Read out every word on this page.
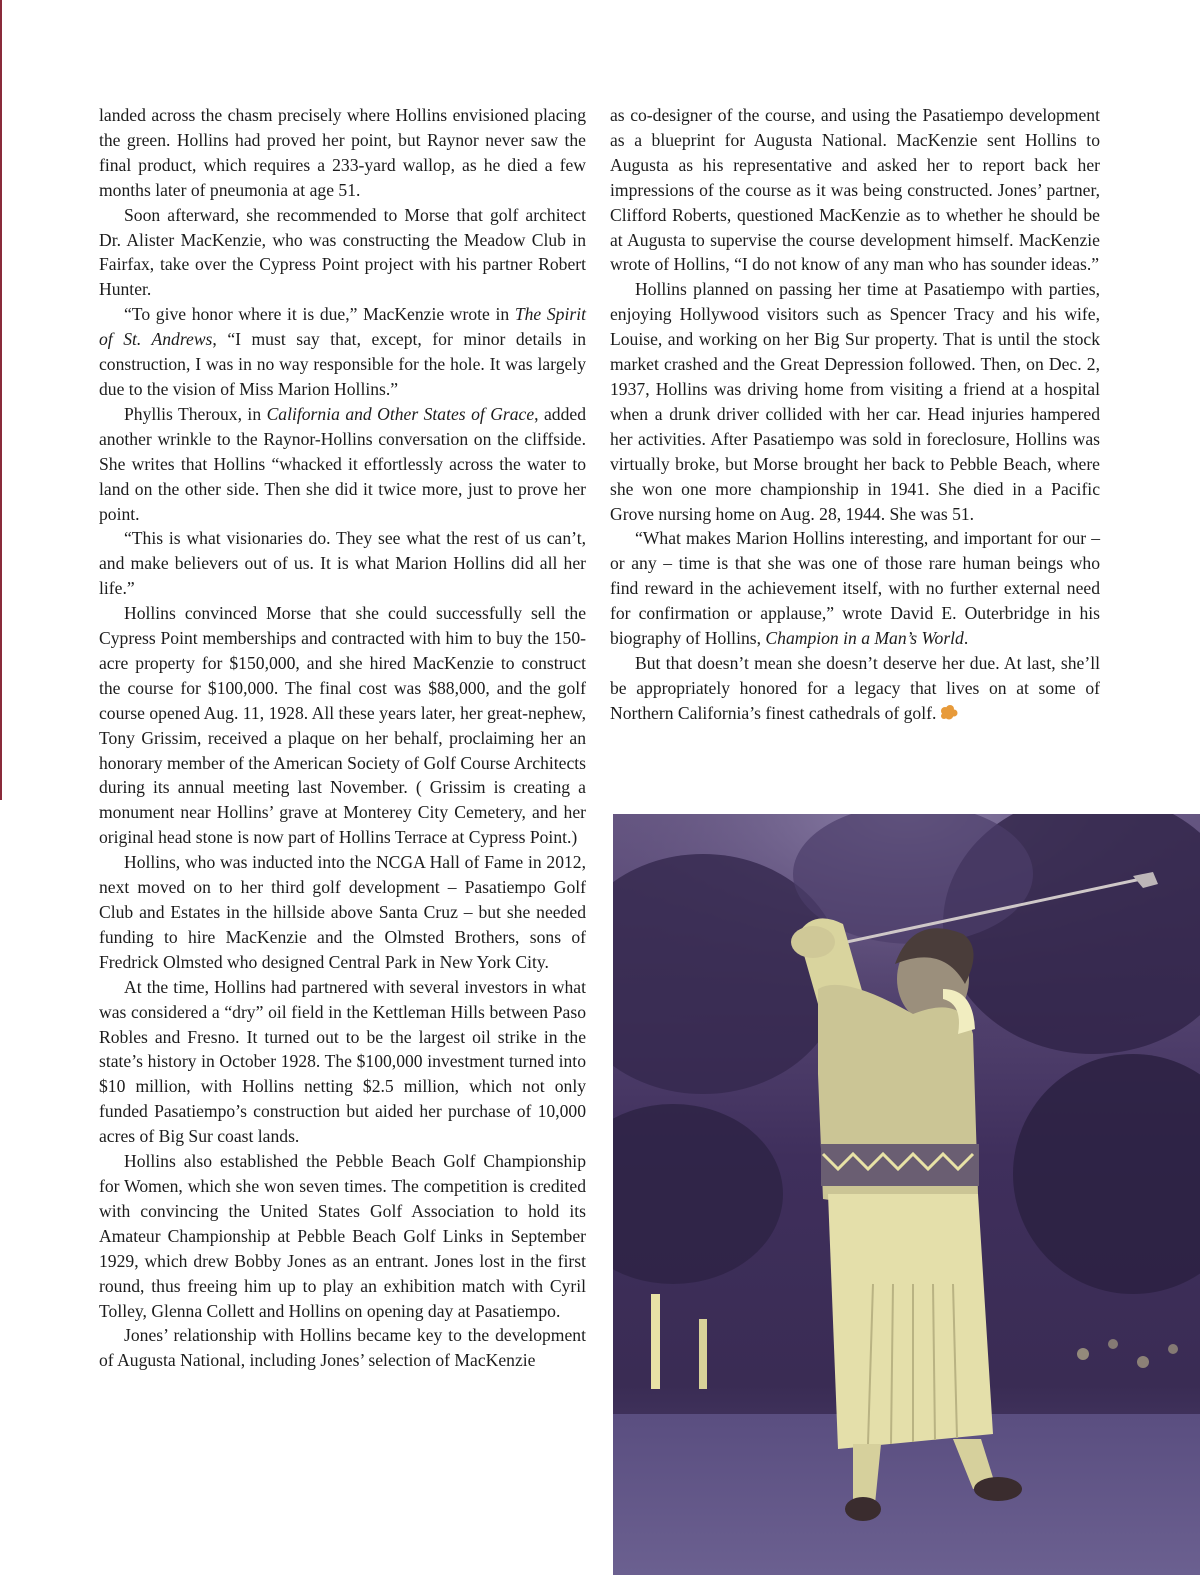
landed across the chasm precisely where Hollins envisioned placing the green. Hollins had proved her point, but Raynor never saw the final product, which requires a 233-yard wallop, as he died a few months later of pneumonia at age 51.

Soon afterward, she recommended to Morse that golf architect Dr. Alister MacKenzie, who was constructing the Meadow Club in Fairfax, take over the Cypress Point project with his partner Robert Hunter.

“To give honor where it is due,” MacKenzie wrote in The Spirit of St. Andrews, “I must say that, except, for minor details in construction, I was in no way responsible for the hole. It was largely due to the vision of Miss Marion Hollins.”

Phyllis Theroux, in California and Other States of Grace, added another wrinkle to the Raynor-Hollins conversation on the cliffside. She writes that Hollins “whacked it effortlessly across the water to land on the other side. Then she did it twice more, just to prove her point.

“This is what visionaries do. They see what the rest of us can’t, and make believers out of us. It is what Marion Hollins did all her life.”

Hollins convinced Morse that she could successfully sell the Cypress Point memberships and contracted with him to buy the 150-acre property for $150,000, and she hired MacKenzie to construct the course for $100,000. The final cost was $88,000, and the golf course opened Aug. 11, 1928. All these years later, her great-nephew, Tony Grissim, received a plaque on her behalf, proclaiming her an honorary member of the American Society of Golf Course Architects during its annual meeting last November. ( Grissim is creating a monument near Hollins’ grave at Monterey City Cemetery, and her original head stone is now part of Hollins Terrace at Cypress Point.)

Hollins, who was inducted into the NCGA Hall of Fame in 2012, next moved on to her third golf development – Pasatiempo Golf Club and Estates in the hillside above Santa Cruz – but she needed funding to hire MacKenzie and the Olmsted Brothers, sons of Fredrick Olmsted who designed Central Park in New York City.

At the time, Hollins had partnered with several investors in what was considered a “dry” oil field in the Kettleman Hills between Paso Robles and Fresno. It turned out to be the largest oil strike in the state’s history in October 1928. The $100,000 investment turned into $10 million, with Hollins netting $2.5 million, which not only funded Pasatiempo’s construction but aided her purchase of 10,000 acres of Big Sur coast lands.

Hollins also established the Pebble Beach Golf Championship for Women, which she won seven times. The competition is credited with convincing the United States Golf Association to hold its Amateur Championship at Pebble Beach Golf Links in September 1929, which drew Bobby Jones as an entrant. Jones lost in the first round, thus freeing him up to play an exhibition match with Cyril Tolley, Glenna Collett and Hollins on opening day at Pasatiempo.

Jones’ relationship with Hollins became key to the development of Augusta National, including Jones’ selection of MacKenzie

as co-designer of the course, and using the Pasatiempo development as a blueprint for Augusta National. MacKenzie sent Hollins to Augusta as his representative and asked her to report back her impressions of the course as it was being constructed. Jones’ partner, Clifford Roberts, questioned MacKenzie as to whether he should be at Augusta to supervise the course development himself. MacKenzie wrote of Hollins, “I do not know of any man who has sounder ideas.”

Hollins planned on passing her time at Pasatiempo with parties, enjoying Hollywood visitors such as Spencer Tracy and his wife, Louise, and working on her Big Sur property. That is until the stock market crashed and the Great Depression followed. Then, on Dec. 2, 1937, Hollins was driving home from visiting a friend at a hospital when a drunk driver collided with her car. Head injuries hampered her activities. After Pasatiempo was sold in foreclosure, Hollins was virtually broke, but Morse brought her back to Pebble Beach, where she won one more championship in 1941. She died in a Pacific Grove nursing home on Aug. 28, 1944. She was 51.

“What makes Marion Hollins interesting, and important for our – or any – time is that she was one of those rare human beings who find reward in the achievement itself, with no further external need for confirmation or applause,” wrote David E. Outerbridge in his biography of Hollins, Champion in a Man’s World.

But that doesn’t mean she doesn’t deserve her due. At last, she’ll be appropriately honored for a legacy that lives on at some of Northern California’s finest cathedrals of golf.
